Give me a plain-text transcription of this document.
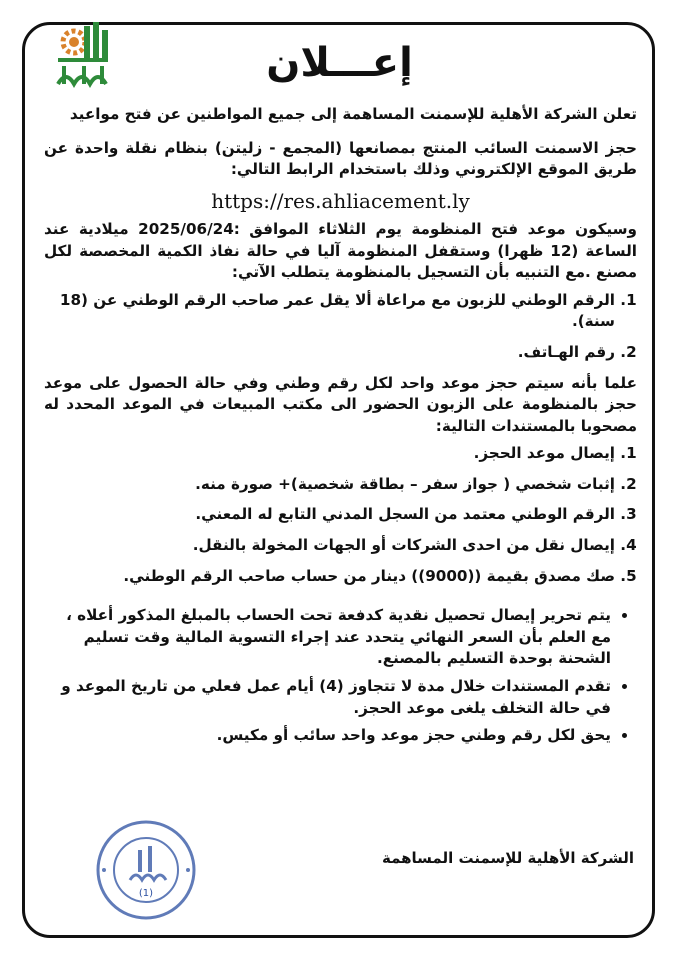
إعـــلان

تعلن الشركة الأهلية للإسمنت المساهمة إلى جميع المواطنين عن فتح مواعيد

حجز الاسمنت السائب المنتج بمصانعها (المجمع - زليتن) بنظام نقلة واحدة عن طريق الموقع الإلكتروني وذلك باستخدام الرابط التالي:

https://res.ahliacement.ly

وسيكون موعد فتح المنظومة يوم الثلاثاء الموافق :2025/06/24 ميلادية عند الساعة (12 ظهرا) وستقفل المنظومة آليا في حالة نفاذ الكمية المخصصة لكل مصنع .مع التنبيه بأن التسجيل بالمنظومة يتطلب الآتي:

1. الرقم الوطني للزبون مع مراعاة ألا يقل عمر صاحب الرقم الوطني عن (18 سنة).
2. رقم الهـاتف.

علما بأنه سيتم حجز موعد واحد لكل رقم وطني وفي حالة الحصول على موعد حجز بالمنظومة على الزبون الحضور الى مكتب المبيعات في الموعد المحدد له مصحوبا بالمستندات التالية:

1. إيصال موعد الحجز.
2. إثبات شخصي ( جواز سفر – بطاقة شخصية)+ صورة منه.
3. الرقم الوطني معتمد من السجل المدني التابع له المعني.
4. إيصال نقل من احدى الشركات أو الجهات المخولة بالنقل.
5. صك مصدق بقيمة ((9000)) دينار من حساب صاحب الرقم الوطني.
• يتم تحرير إيصال تحصيل نقدية كدفعة تحت الحساب بالمبلغ المذكور أعلاه ، مع العلم بأن السعر النهائي يتحدد عند إجراء التسوية المالية وقت تسليم الشحنة بوحدة التسليم بالمصنع.
• تقدم المستندات خلال مدة لا تتجاوز (4) أيام عمل فعلي من تاريخ الموعد و في حالة التخلف يلغى موعد الحجز.
• يحق لكل رقم وطني حجز موعد واحد سائب أو مكيس.
(1)
الشركة الأهلية للإسمنت المساهمة
